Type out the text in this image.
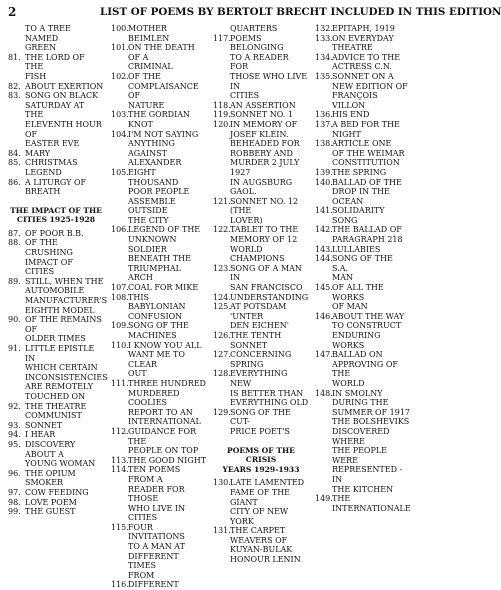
2	LIST OF POEMS BY BERTOLT BRECHT INCLUDED IN THIS EDITION
TO A TREE NAMED
GREEN
81. THE LORD OF THE
FISH
82. ABOUT EXERTION
83. SONG ON BLACK
SATURDAY AT THE
ELEVENTH HOUR OF
EASTER EVE
84. MARY
85. CHRISTMAS LEGEND
86. A LITURGY OF
BREATH
THE IMPACT OF THE
CITIES 1925-1928
87. OF POOR B.B.
88. OF THE CRUSHING
IMPACT OF CITIES
89. STILL, WHEN THE
AUTOMOBILE
MANUFACTURER'S
EIGHTH MODEL
90. OF THE REMAINS OF
OLDER TIMES
91. LITTLE EPISTLE IN
WHICH CERTAIN
INCONSISTENCIES
ARE REMOTELY
TOUCHED ON
92. THE THEATRE
COMMUNIST
93. SONNET
94. I HEAR
95. DISCOVERY ABOUT A
YOUNG WOMAN
96. THE OPIUM SMOKER
97. COW FEEDING
98. LOVE POEM
99. THE GUEST
100. MOTHER BEIMLEN
101. ON THE DEATH OF A
CRIMINAL
102. OF THE
COMPLAISANCE OF
NATURE
103. THE GORDIAN KNOT
104. I'M NOT SAYING
ANYTHING AGAINST
ALEXANDER
105. EIGHT THOUSAND
POOR PEOPLE
ASSEMBLE OUTSIDE
THE CITY
106. LEGEND OF THE
UNKNOWN SOLDIER
BENEATH THE
TRIUMPHAL ARCH
107. COAL FOR MIKE
108. THIS BABYLONIAN
CONFUSION
109. SONG OF THE
MACHINES
110. I KNOW YOU ALL
WANT ME TO CLEAR
OUT
111. THREE HUNDRED
MURDERED COOLIES
REPORT TO AN
INTERNATIONAL
112. GUIDANCE FOR THE
PEOPLE ON TOP
113. THE GOOD NIGHT
114. TEN POEMS FROM A
READER FOR THOSE
WHO LIVE IN CITIES
115. FOUR INVITATIONS
TO A MAN AT
DIFFERENT TIMES
FROM
116. DIFFERENT
QUARTERS
117. POEMS BELONGING
TO A READER FOR
THOSE WHO LIVE IN
CITIES
118. AN ASSERTION
119. SONNET NO. 1
120. IN MEMORY OF
JOSEF KLEIN.
BEHEADED FOR
ROBBERY AND
MURDER 2 JULY 1927
IN AUGSBURG GAOL.
121. SONNET NO. 12 (THE
LOVER)
122. TABLET TO THE
MEMORY OF 12
WORLD CHAMPIONS
123. SONG OF A MAN IN
SAN FRANCISCO
124. UNDERSTANDING
125. AT POTSDAM 'UNTER
DEN EICHEN'
126. THE TENTH SONNET
127. CONCERNING
SPRING
128. EVERYTHING NEW
IS BETTER THAN
EVERYTHING OLD
129. SONG OF THE CUT-
PRICE POET'S
POEMS OF THE CRISIS
YEARS 1929-1933
130. LATE LAMENTED
FAME OF THE GIANT
CITY OF NEW YORK
131. THE CARPET
WEAVERS OF
KUYAN-BULAK
HONOUR LENIN
132. EPITAPH, 1919
133. ON EVERYDAY
THEATRE
134. ADVICE TO THE
ACTRESS C.N.
135. SONNET ON A
NEW EDITION OF
FRANÇOIS VILLON
136. HIS END
137. A BED FOR THE
NIGHT
138. ARTICLE ONE
OF THE WEIMAR
CONSTITUTION
139. THE SPRING
140. BALLAD OF THE
DROP IN THE OCEAN
141. SOLIDARITY SONG
142. THE BALLAD OF
PARAGRAPH 218
143. LULLABIES
144. SONG OF THE S.A.
MAN
145. OF ALL THE WORKS
OF MAN
146. ABOUT THE WAY
TO CONSTRUCT
ENDURING WORKS
147. BALLAD ON
APPROVING OF THE
WORLD
148. IN SMOLNY
DURING THE
SUMMER OF 1917
THE BOLSHEVIKS
DISCOVERED WHERE
THE PEOPLE WERE
REPRESENTED - IN
THE KITCHEN
149. THE
INTERNATIONALE
